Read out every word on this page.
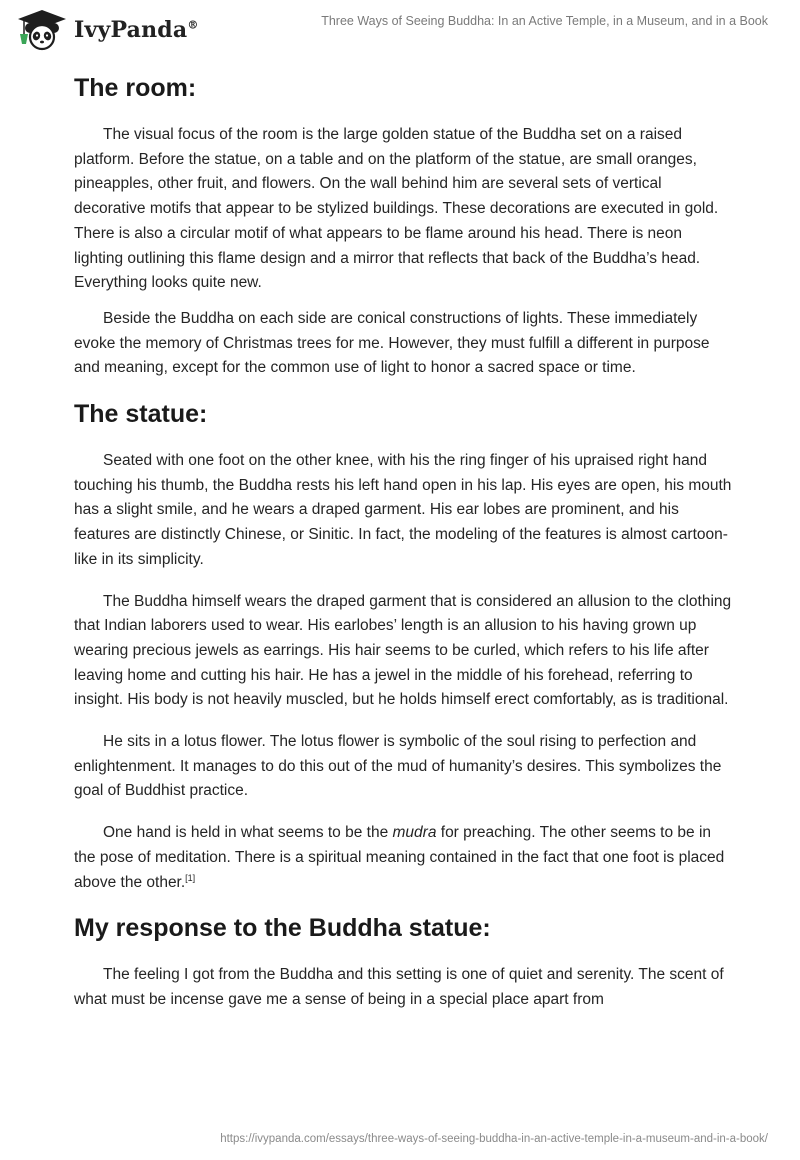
IvyPanda®	Three Ways of Seeing Buddha: In an Active Temple, in a Museum, and in a Book
The room:

The visual focus of the room is the large golden statue of the Buddha set on a raised platform. Before the statue, on a table and on the platform of the statue, are small oranges, pineapples, other fruit, and flowers. On the wall behind him are several sets of vertical decorative motifs that appear to be stylized buildings. These decorations are executed in gold. There is also a circular motif of what appears to be flame around his head. There is neon lighting outlining this flame design and a mirror that reflects that back of the Buddha’s head. Everything looks quite new.

Beside the Buddha on each side are conical constructions of lights. These immediately evoke the memory of Christmas trees for me. However, they must fulfill a different in purpose and meaning, except for the common use of light to honor a sacred space or time.

The statue:

Seated with one foot on the other knee, with his the ring finger of his upraised right hand touching his thumb, the Buddha rests his left hand open in his lap. His eyes are open, his mouth has a slight smile, and he wears a draped garment. His ear lobes are prominent, and his features are distinctly Chinese, or Sinitic. In fact, the modeling of the features is almost cartoon-like in its simplicity.

The Buddha himself wears the draped garment that is considered an allusion to the clothing that Indian laborers used to wear. His earlobes’ length is an allusion to his having grown up wearing precious jewels as earrings. His hair seems to be curled, which refers to his life after leaving home and cutting his hair. He has a jewel in the middle of his forehead, referring to insight. His body is not heavily muscled, but he holds himself erect comfortably, as is traditional.

He sits in a lotus flower. The lotus flower is symbolic of the soul rising to perfection and enlightenment. It manages to do this out of the mud of humanity’s desires. This symbolizes the goal of Buddhist practice.

One hand is held in what seems to be the mudra for preaching. The other seems to be in the pose of meditation. There is a spiritual meaning contained in the fact that one foot is placed above the other.[1]

My response to the Buddha statue:

The feeling I got from the Buddha and this setting is one of quiet and serenity. The scent of what must be incense gave me a sense of being in a special place apart from

https://ivypanda.com/essays/three-ways-of-seeing-buddha-in-an-active-temple-in-a-museum-and-in-a-book/
